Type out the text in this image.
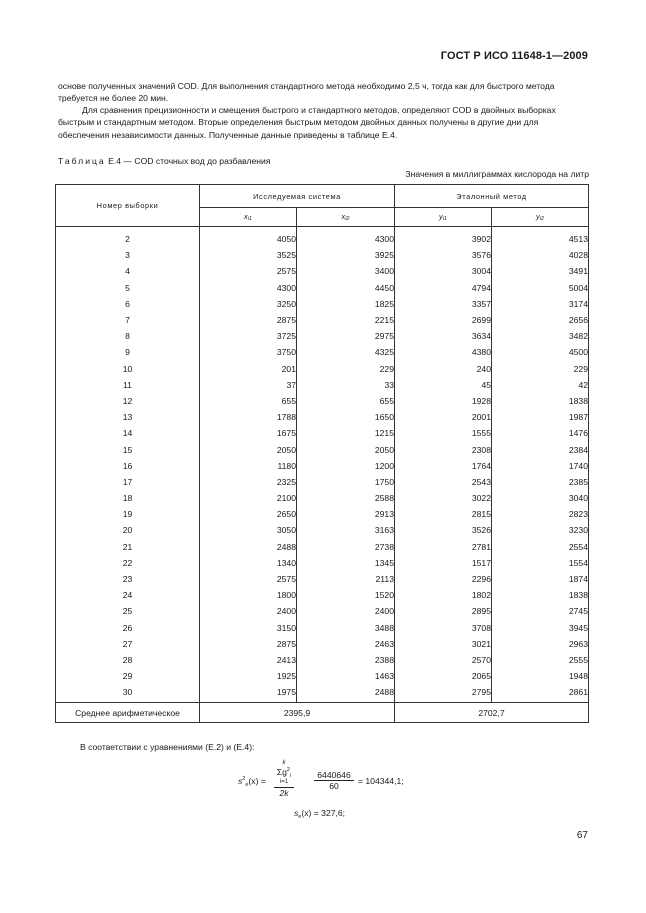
ГОСТ Р ИСО 11648-1—2009
основе полученных значений COD. Для выполнения стандартного метода необходимо 2,5 ч, тогда как для быстрого метода требуется не более 20 мин.
Для сравнения прецизионности и смещения быстрого и стандартного методов, определяют COD в двойных выборках быстрым и стандартным методом. Вторые определения быстрым методом двойных данных получены в другие дни для обеспечения независимости данных. Полученные данные приведены в таблице Е.4.
Таблица Е.4 — COD сточных вод до разбавления
Значения в миллиграммах кислорода на литр
Номер выборки	Исследуемая система		Эталонный метод	
	xi1	xi2	yi1	yi2
2	4050	4300	3902	4513
3	3525	3925	3576	4028
4	2575	3400	3004	3491
5	4300	4450	4794	5004
6	3250	1825	3357	3174
7	2875	2215	2699	2656
8	3725	2975	3634	3482
9	3750	4325	4380	4500
10	201	229	240	229
11	37	33	45	42
12	655	655	1928	1838
13	1788	1650	2001	1987
14	1675	1215	1555	1476
15	2050	2050	2308	2384
16	1180	1200	1764	1740
17	2325	1750	2543	2385
18	2100	2588	3022	3040
19	2650	2913	2815	2823
20	3050	3163	3526	3230
21	2488	2738	2781	2554
22	1340	1345	1517	1554
23	2575	2113	2296	1874
24	1800	1520	1802	1838
25	2400	2400	2895	2745
26	3150	3488	3708	3945
27	2875	2463	3021	2963
28	2413	2388	2570	2555
29	1925	1463	2065	1948
30	1975	2488	2795	2861
Среднее арифметическое	2395,9		2702,7	
В соответствии с уравнениями (Е.2) и (Е.4):
$s^2_e(x)$ =
k
$\Sigma g^2_i$
i=1
2k
6440646
60	= 104344,1;
$s_e(x) = 327,6$;
67
